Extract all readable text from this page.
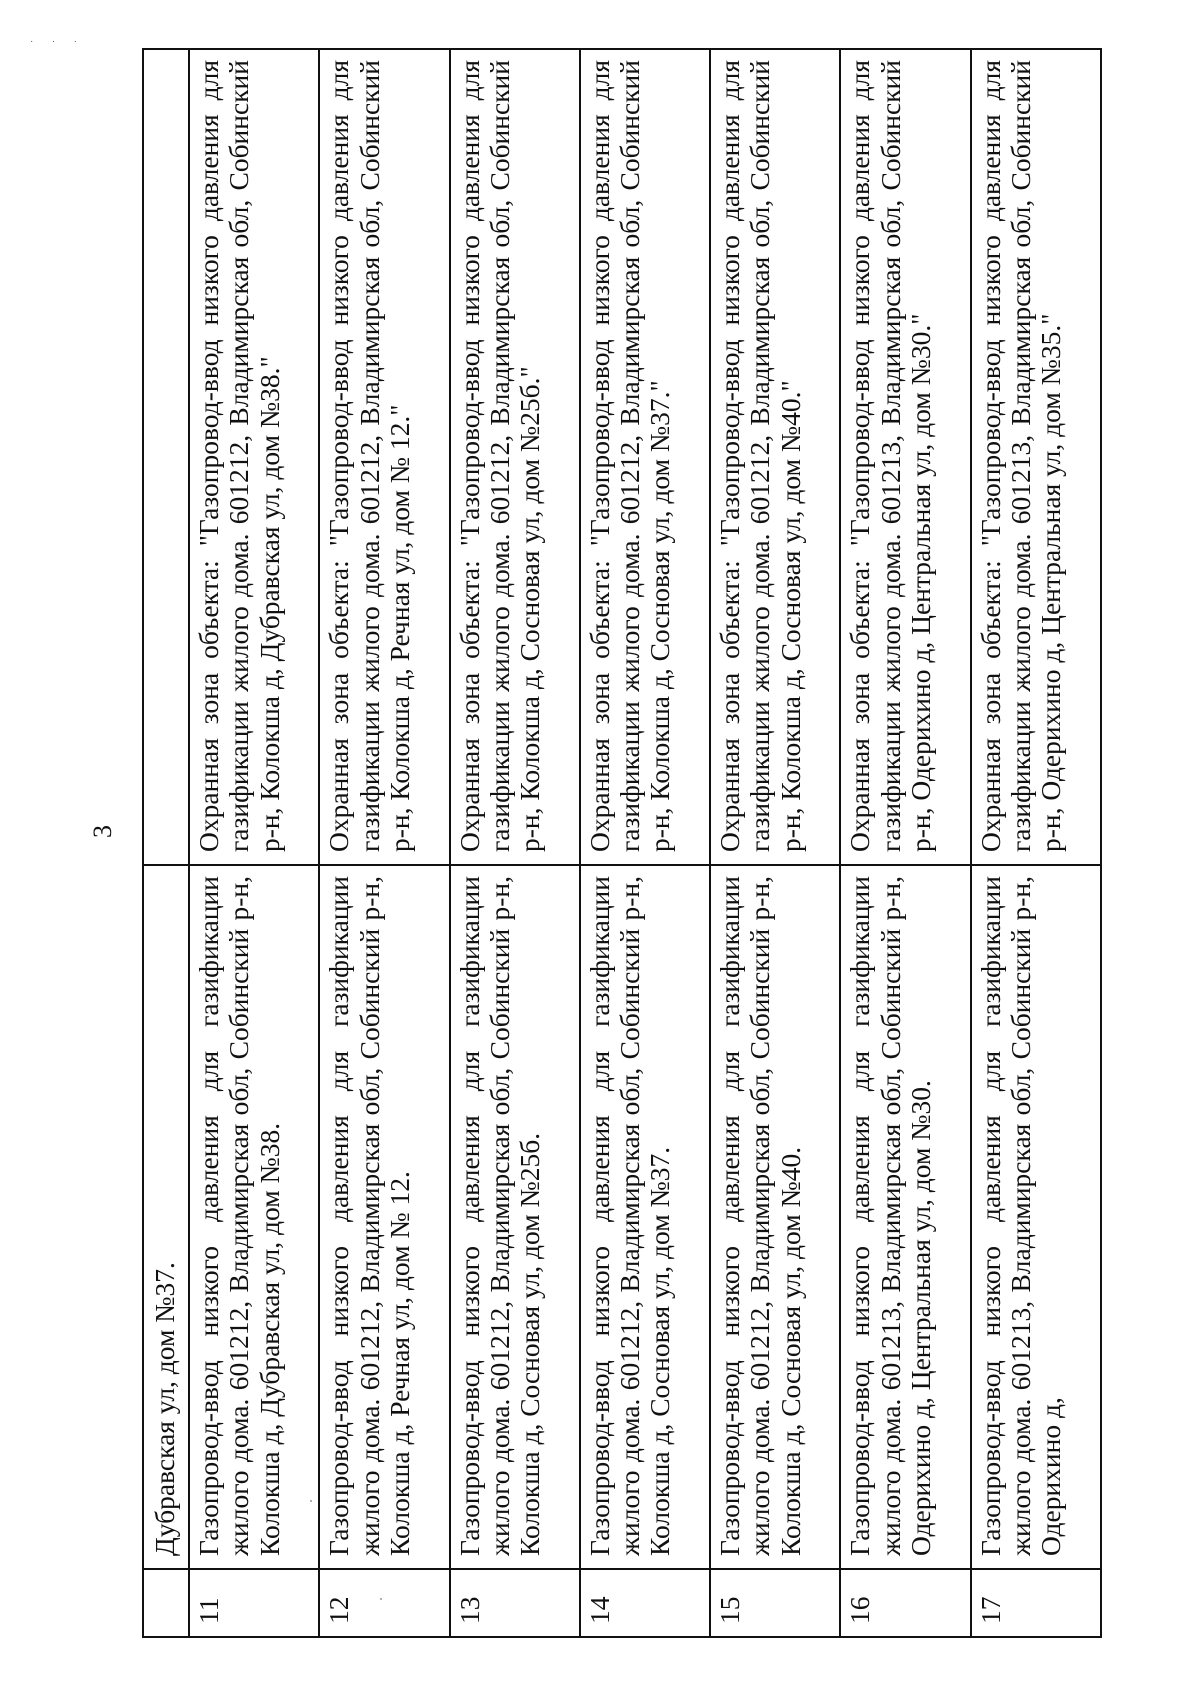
˙ ˙ ˙
3
	Дубравская ул, дом №37.	
11	Газопровод-ввод низкого давления для газификации жилого дома. 601212, Владимирская обл, Собинский р-н, Колокша д, Дубравская ул, дом №38.	Охранная зона объекта: "Газопровод-ввод низкого давления для газификации жилого дома. 601212, Владимирская обл, Собинский р-н, Колокша д, Дубравская ул, дом №38."
12	Газопровод-ввод низкого давления для газификации жилого дома. 601212, Владимирская обл, Собинский р-н, Колокша д, Речная ул, дом № 12.	Охранная зона объекта: "Газопровод-ввод низкого давления для газификации жилого дома. 601212, Владимирская обл, Собинский р-н, Колокша д, Речная ул, дом № 12."
13	Газопровод-ввод низкого давления для газификации жилого дома. 601212, Владимирская обл, Собинский р-н, Колокша д, Сосновая ул, дом №25б.	Охранная зона объекта: "Газопровод-ввод низкого давления для газификации жилого дома. 601212, Владимирская обл, Собинский р-н, Колокша д, Сосновая ул, дом №25б."
14	Газопровод-ввод низкого давления для газификации жилого дома. 601212, Владимирская обл, Собинский р-н, Колокша д, Сосновая ул, дом №37.	Охранная зона объекта: "Газопровод-ввод низкого давления для газификации жилого дома. 601212, Владимирская обл, Собинский р-н, Колокша д, Сосновая ул, дом №37."
15	Газопровод-ввод низкого давления для газификации жилого дома. 601212, Владимирская обл, Собинский р-н, Колокша д, Сосновая ул, дом №40.	Охранная зона объекта: "Газопровод-ввод низкого давления для газификации жилого дома. 601212, Владимирская обл, Собинский р-н, Колокша д, Сосновая ул, дом №40."
16	Газопровод-ввод низкого давления для газификации жилого дома. 601213, Владимирская обл, Собинский р-н, Одерихино д, Центральная ул, дом №30.	Охранная зона объекта: "Газопровод-ввод низкого давления для газификации жилого дома. 601213, Владимирская обл, Собинский р-н, Одерихино д, Центральная ул, дом №30."
17	Газопровод-ввод низкого давления для газификации жилого дома. 601213, Владимирская обл, Собинский р-н, Одерихино д,	Охранная зона объекта: "Газопровод-ввод низкого давления для газификации жилого дома. 601213, Владимирская обл, Собинский р-н, Одерихино д, Центральная ул, дом №35."
